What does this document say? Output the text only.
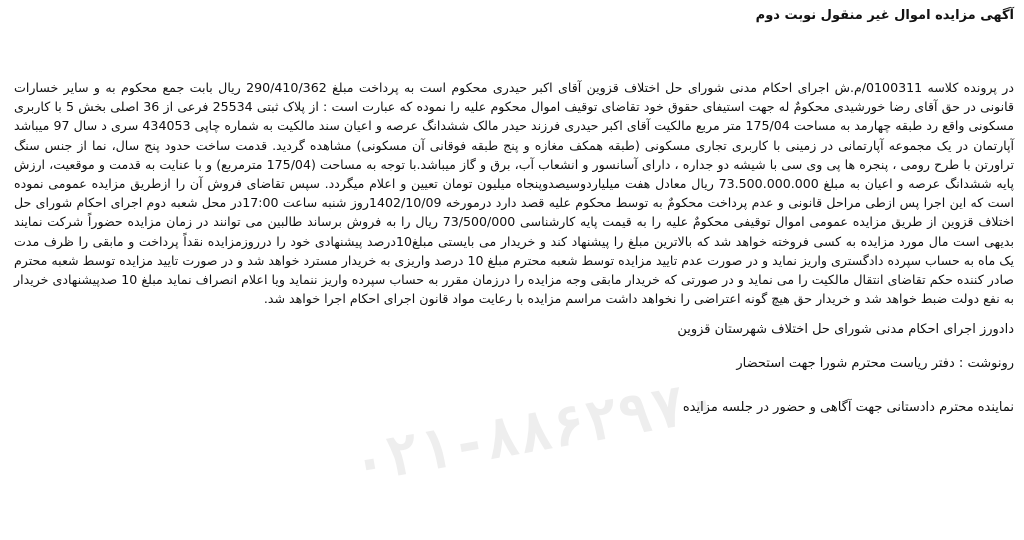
آگهی مزایده اموال غیر منقول نوبت دوم

در پرونده کلاسه 0100311/م.ش اجرای احکام مدنی شورای حل اختلاف قزوین آقای اکبر حیدری محکوم است به پرداخت مبلغ 290/410/362 ریال بابت جمع محکوم به و سایر خسارات قانونی در حق آقای رضا خورشیدی محکومٌ له جهت استیفای حقوق خود تقاضای توقیف اموال محکوم علیه را نموده که عبارت است : از پلاک ثبتی 25534 فرعی از 36 اصلی بخش 5 با کاربری مسکونی واقع رد طبقه چهارمد به مساحت 175/04 متر مربع مالکیت آقای اکبر حیدری فرزند حیدر مالک ششدانگ عرصه و اعیان سند مالکیت به شماره چاپی 434053 سری د سال 97 میباشد آپارتمان در یک مجموعه آپارتمانی در زمینی با کاربری تجاری مسکونی (طبقه همکف مغازه و پنج طبقه فوقانی آن مسکونی) مشاهده گردید. قدمت ساخت حدود پنج سال، نما از جنس سنگ تراورتن با طرح رومی ، پنجره ها پی وی سی با شیشه دو جداره ، دارای آسانسور و انشعاب آب، برق و گاز میباشد.با توجه به مساحت (175/04 مترمربع) و با عنایت به قدمت و موقعیت، ارزش پایه ششدانگ عرصه و اعیان به مبلغ 73.500.000.000 ریال معادل هفت میلیاردوسیصدوپنجاه میلیون تومان تعیین و اعلام میگردد. سپس تقاضای فروش آن را ازطریق مزایده عمومی نموده است که این اجرا پس ازطی مراحل قانونی و عدم پرداخت محکومٌ به توسط محکوم علیه قصد دارد درمورخه 1402/10/09روز شنبه ساعت 17:00در محل شعبه دوم اجرای احکام شورای حل اختلاف قزوین از طریق مزایده عمومی اموال توقیفی محکومٌ علیه را به قیمت پایه کارشناسی 73/500/000 ریال را به فروش برساند طالبین می توانند در زمان مزایده حضوراً شرکت نمایند بدیهی است مال مورد مزایده به کسی فروخته خواهد شد که بالاترین مبلغ را پیشنهاد کند و خریدار می بایستی مبلغ10درصد پیشنهادی خود را درروزمزایده نقداً پرداخت و مابقی را ظرف مدت یک ماه به حساب سپرده دادگستری واریز نماید و در صورت عدم تایید مزایده توسط شعبه محترم مبلغ 10 درصد واریزی به خریدار مسترد خواهد شد و در صورت تایید مزایده توسط شعبه محترم صادر کننده حکم تقاضای انتقال مالکیت را می نماید و در صورتی که خریدار مابقی وجه مزایده را درزمان مقرر به حساب سپرده واریز ننماید ویا اعلام انصراف نماید مبلغ 10 صدپیشنهادی خریدار به نفع دولت ضبط خواهد شد و خریدار حق هیچ گونه اعتراضی را نخواهد داشت مراسم مزایده با رعایت مواد قانون اجرای احکام اجرا خواهد شد.

دادورز اجرای احکام مدنی شورای حل اختلاف شهرستان قزوین

رونوشت : دفتر ریاست محترم شورا جهت استحضار

نماینده محترم دادستانی جهت آگاهی و حضور در جلسه مزایده

۰۲۱-۸۸۶۲۹۷۰
